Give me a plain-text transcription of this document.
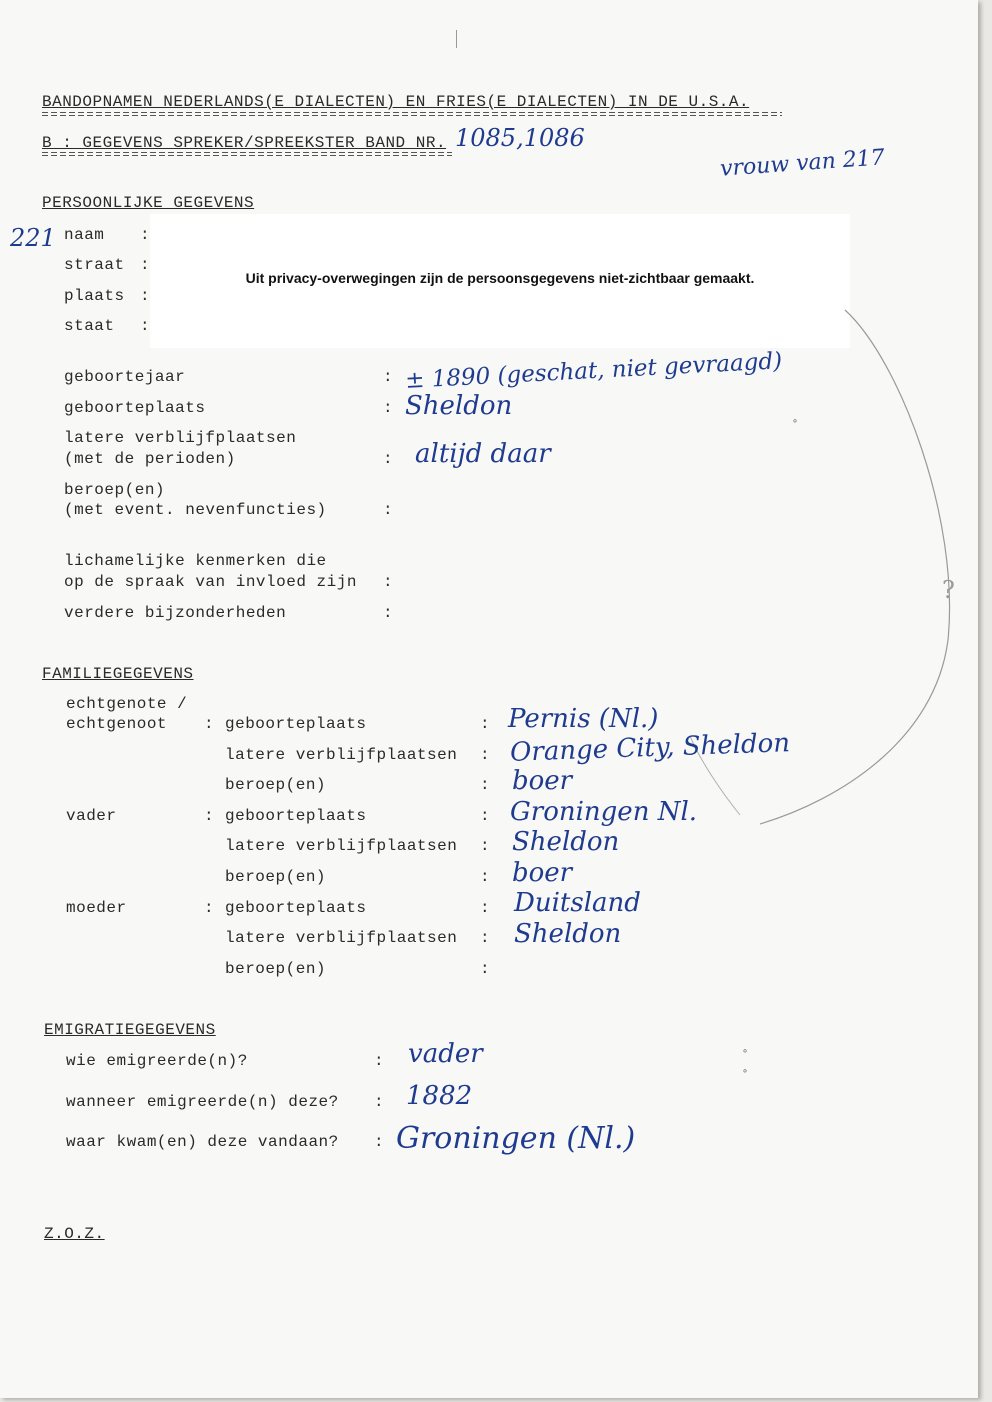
BANDOPNAMEN NEDERLANDS(E DIALECTEN) EN FRIES(E DIALECTEN) IN DE U.S.A.
B : GEGEVENS SPREKER/SPREEKSTER BAND NR. 1085,1086
vrouw van 217
PERSOONLIJKE GEGEVENS
221 naam :
straat :
plaats :
staat :
Uit privacy-overwegingen zijn de persoonsgegevens niet-zichtbaar gemaakt.
geboortejaar	: ± 1890 (geschat, niet gevraagd)
geboorteplaats	: Sheldon
latere verblijfplaatsen
(met de perioden)	: altijd daar
beroep(en)
(met event. nevenfuncties)	:
lichamelijke kenmerken die
op de spraak van invloed zijn :
verdere bijzonderheden	:
?
FAMILIEGEGEVENS
echtgenote /
echtgenoot : geboorteplaats	: Pernis (Nl.)
latere verblijfplaatsen : Orange City, Sheldon
beroep(en)	: boer
vader	: geboorteplaats	: Groningen Nl.
latere verblijfplaatsen : Sheldon
beroep(en)	: boer
moeder	: geboorteplaats	: Duitsland
latere verblijfplaatsen : Sheldon
beroep(en)	:
EMIGRATIEGEGEVENS
wie emigreerde(n)?	: vader
wanneer emigreerde(n) deze? : 1882
waar kwam(en) deze vandaan? : Groningen (Nl.)
Z.O.Z.
∘
∘
∘
